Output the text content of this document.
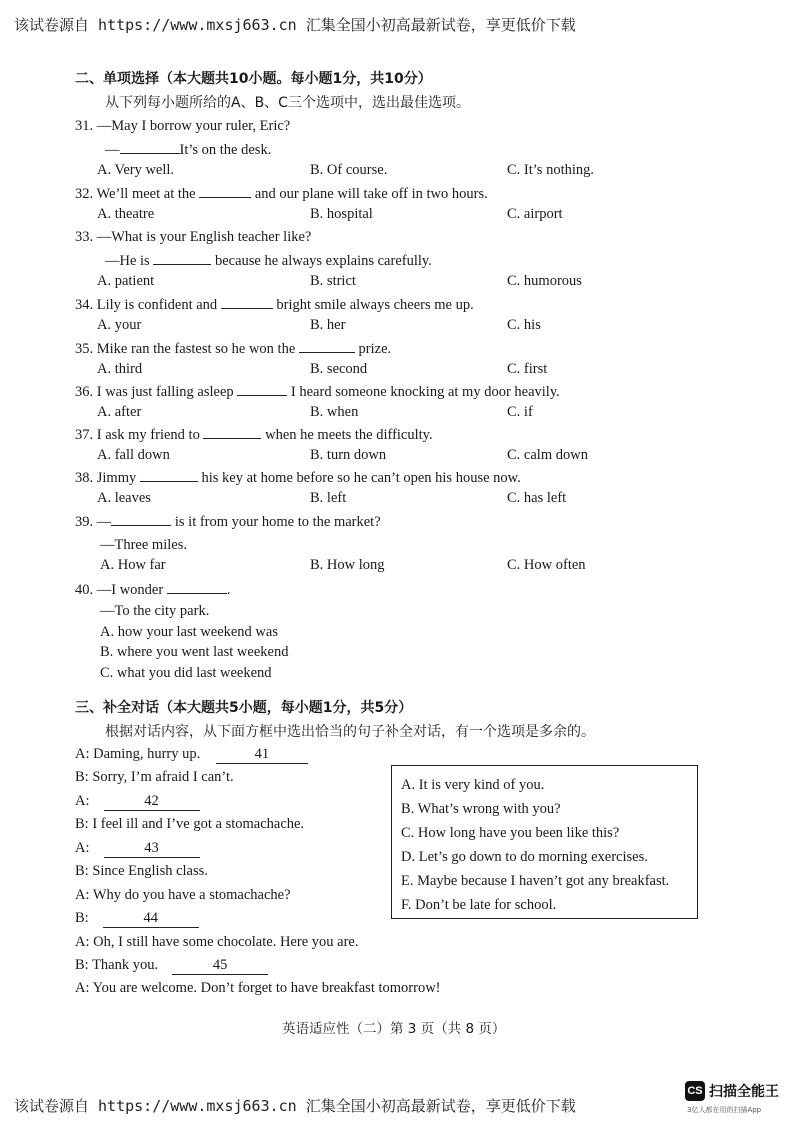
该试卷源自 https://www.mxsj663.cn 汇集全国小初高最新试卷，享更低价下载
二、单项选择（本大题共10小题。每小题1分，共10分）
从下列每小题所给的A、B、C三个选项中，选出最佳选项。
31. —May I borrow your ruler, Eric?
—	It’s on the desk.
A. Very well.	B. Of course.	C. It’s nothing.
32. We’ll meet at the	and our plane will take off in two hours.
A. theatre	B. hospital	C. airport
33. —What is your English teacher like?
—He is	because he always explains carefully.
A. patient	B. strict	C. humorous
34. Lily is confident and	bright smile always cheers me up.
A. your	B. her	C. his
35. Mike ran the fastest so he won the	prize.
A. third	B. second	C. first
36. I was just falling asleep	I heard someone knocking at my door heavily.
A. after	B. when	C. if
37. I ask my friend to	when he meets the difficulty.
A. fall down	B. turn down	C. calm down
38. Jimmy	his key at home before so he can’t open his house now.
A. leaves	B. left	C. has left
39. —	is it from your home to the market?
—Three miles.
A. How far	B. How long	C. How often
40. —I wonder	.
—To the city park.
A. how your last weekend was
B. where you went last weekend
C. what you did last weekend
三、补全对话（本大题共5小题，每小题1分，共5分）
根据对话内容，从下面方框中选出恰当的句子补全对话，有一个选项是多余的。
A: Daming, hurry up.	41
B: Sorry, I’m afraid I can’t.
A:	42
B: I feel ill and I’ve got a stomachache.
A:	43
B: Since English class.
A: Why do you have a stomachache?
B:	44
A: Oh, I still have some chocolate. Here you are.
B: Thank you.	45
A: You are welcome. Don’t forget to have breakfast tomorrow!
A. It is very kind of you.
B. What’s wrong with you?
C. How long have you been like this?
D. Let’s go down to do morning exercises.
E. Maybe because I haven’t got any breakfast.
F. Don’t be late for school.
英语适应性（二）第 3 页（共 8 页）
该试卷源自 https://www.mxsj663.cn 汇集全国小初高最新试卷，享更低价下载
CS 扫描全能王
3亿人都在用的扫描App
